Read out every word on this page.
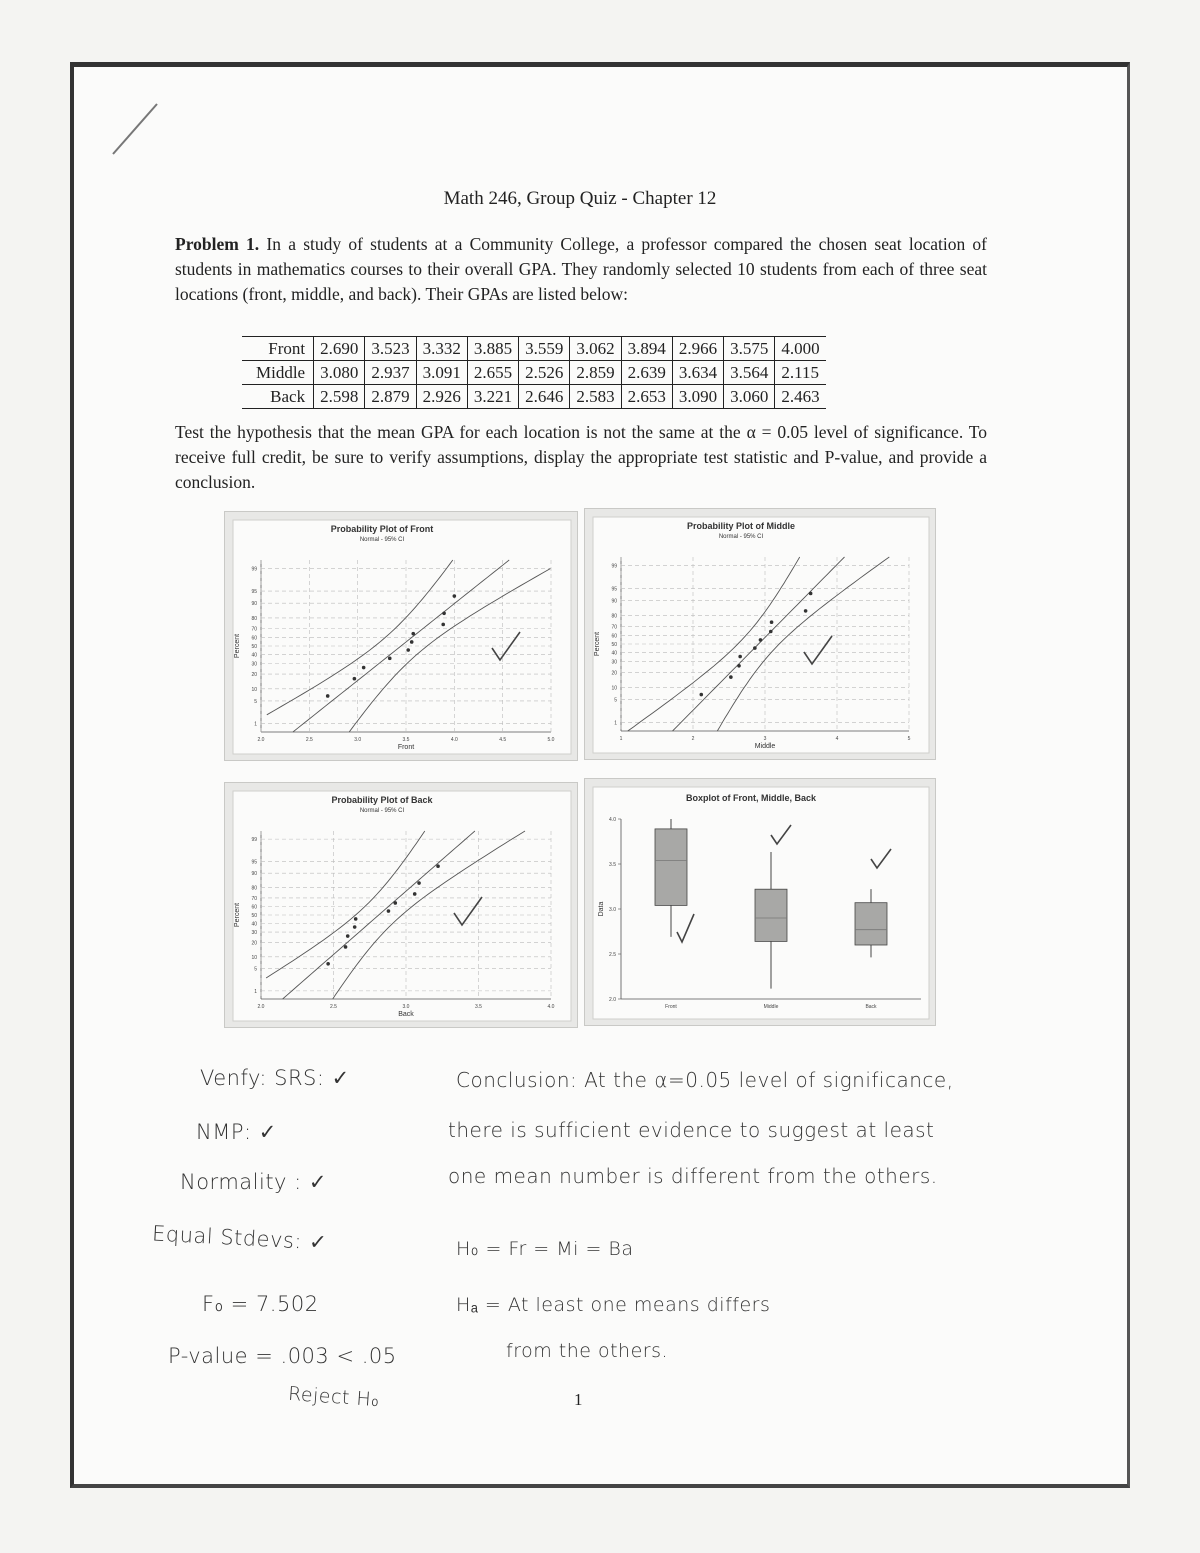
Math 246, Group Quiz - Chapter 12
Problem 1. In a study of students at a Community College, a professor compared the chosen seat location of students in mathematics courses to their overall GPA. They randomly selected 10 students from each of three seat locations (front, middle, and back). Their GPAs are listed below:
Front	2.690	3.523	3.332	3.885	3.559	3.062	3.894	2.966	3.575	4.000
Middle	3.080	2.937	3.091	2.655	2.526	2.859	2.639	3.634	3.564	2.115
Back	2.598	2.879	2.926	3.221	2.646	2.583	2.653	3.090	3.060	2.463
Test the hypothesis that the mean GPA for each location is not the same at the α = 0.05 level of significance. To receive full credit, be sure to verify assumptions, display the appropriate test statistic and P-value, and provide a conclusion.
Probability Plot of Front
Normal - 95% CI
1
5
10
20
30
40
50
60
70
80
90
95
99
2.0	2.5	3.0	3.5	4.0	4.5	5.0
Front
Percent
Probability Plot of Middle
Normal - 95% CI
1
5
10
20
30
40
50
60
70
80
90
95
99
1	2	3	4	5
Middle
Percent
Probability Plot of Back
Normal - 95% CI
1
5
10
20
30
40
50
60
70
80
90
95
99
2.0	2.5	3.0	3.5	4.0
Back
Percent
Boxplot of Front, Middle, Back
2.0
2.5
3.0
3.5
4.0
Data
Front	Middle	Back
Venfy: SRS: ✓
NMP: ✓
Normality : ✓
Equal Stdevs: ✓
F₀ = 7.502
P-value = .003 < .05
Reject H₀
Conclusion: At the α=0.05 level of significance,
there is sufficient evidence to suggest at least
one mean number is different from the others.
H₀ = Fr = Mi = Ba
Hₐ = At least one means differs
from the others.
1
